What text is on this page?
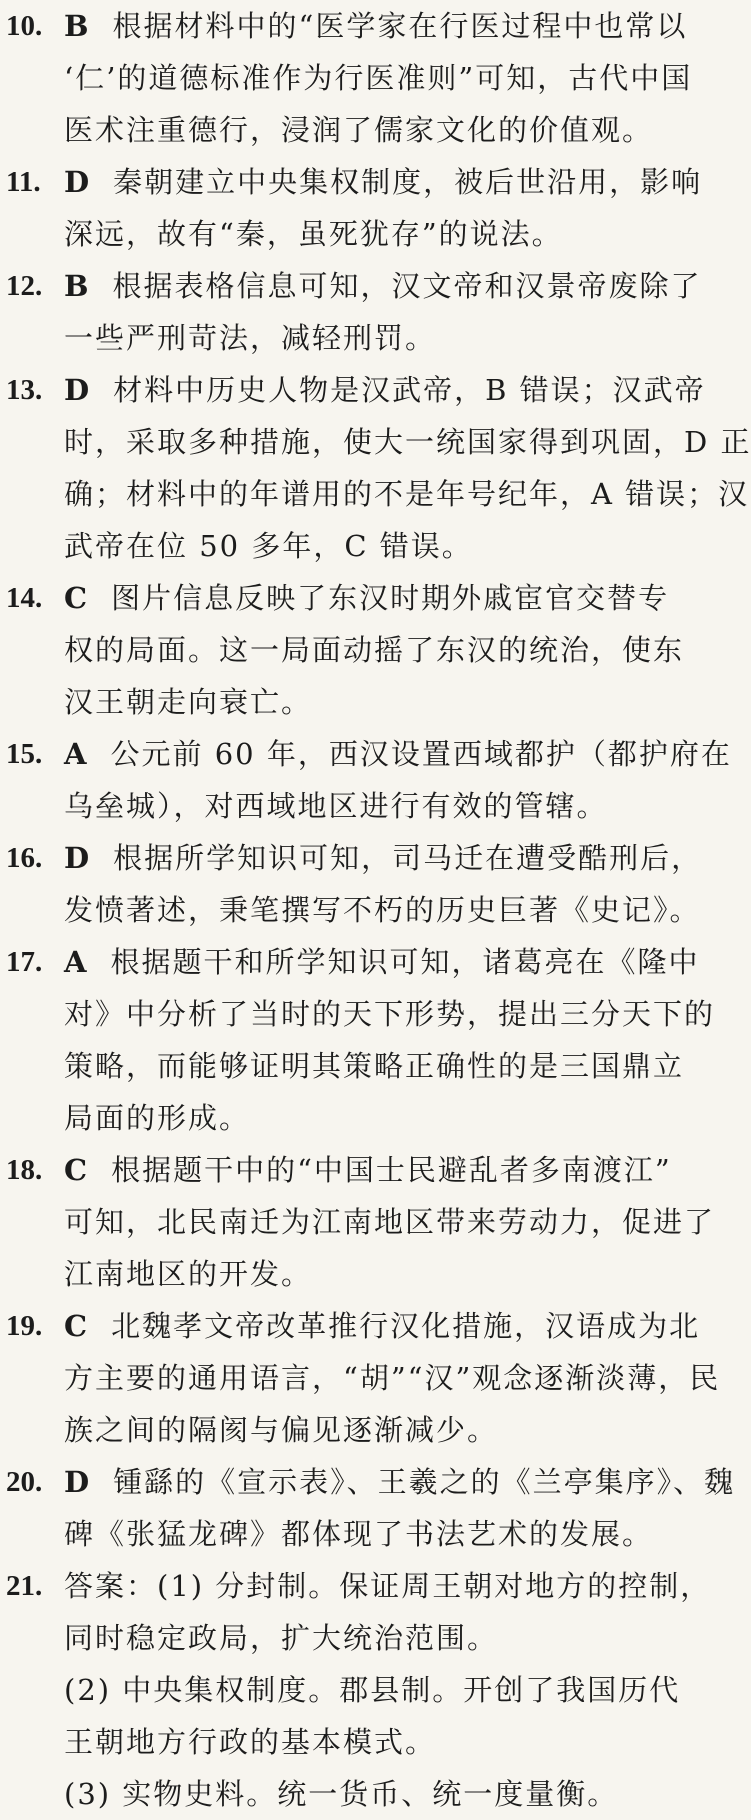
10. B 根据材料中的“医学家在行医过程中也常以
‘仁’的道德标准作为行医准则”可知，古代中国
医术注重德行，浸润了儒家文化的价值观。
11. D 秦朝建立中央集权制度，被后世沿用，影响
深远，故有“秦，虽死犹存”的说法。
12. B 根据表格信息可知，汉文帝和汉景帝废除了
一些严刑苛法，减轻刑罚。
13. D 材料中历史人物是汉武帝，B 错误；汉武帝
时，采取多种措施，使大一统国家得到巩固，D 正
确；材料中的年谱用的不是年号纪年，A 错误；汉
武帝在位 50 多年，C 错误。
14. C 图片信息反映了东汉时期外戚宦官交替专
权的局面。这一局面动摇了东汉的统治，使东
汉王朝走向衰亡。
15. A 公元前 60 年，西汉设置西域都护（都护府在
乌垒城），对西域地区进行有效的管辖。
16. D 根据所学知识可知，司马迁在遭受酷刑后，
发愤著述，秉笔撰写不朽的历史巨著《史记》。
17. A 根据题干和所学知识可知，诸葛亮在《隆中
对》中分析了当时的天下形势，提出三分天下的
策略，而能够证明其策略正确性的是三国鼎立
局面的形成。
18. C 根据题干中的“中国士民避乱者多南渡江”
可知，北民南迁为江南地区带来劳动力，促进了
江南地区的开发。
19. C 北魏孝文帝改革推行汉化措施，汉语成为北
方主要的通用语言，“胡”“汉”观念逐渐淡薄，民
族之间的隔阂与偏见逐渐减少。
20. D 锺繇的《宣示表》、王羲之的《兰亭集序》、魏
碑《张猛龙碑》都体现了书法艺术的发展。
21. 答案：(1) 分封制。保证周王朝对地方的控制，
同时稳定政局，扩大统治范围。
(2) 中央集权制度。郡县制。开创了我国历代
王朝地方行政的基本模式。
(3) 实物史料。统一货币、统一度量衡。
